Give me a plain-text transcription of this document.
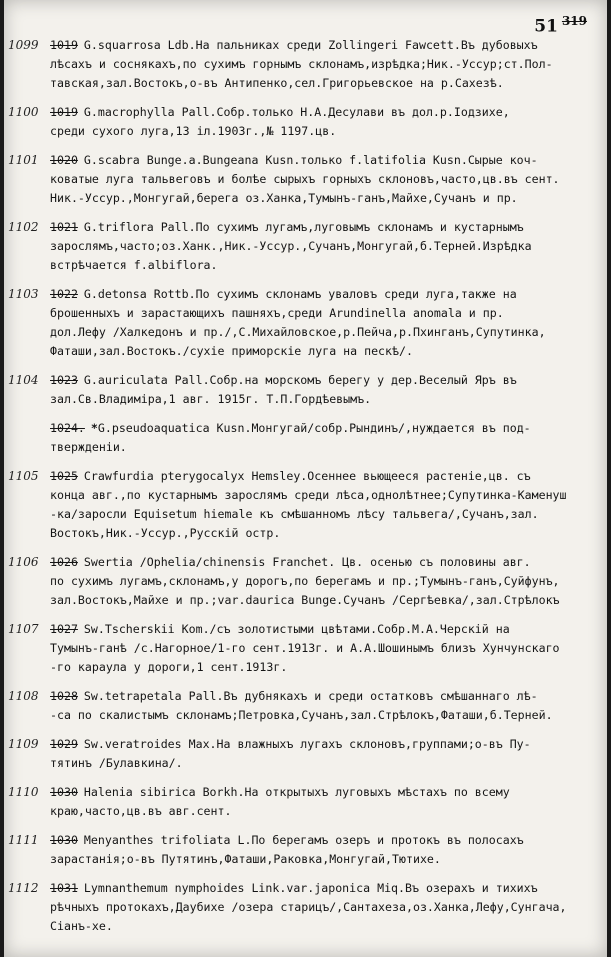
51 $^{319}$
1099 1019 G.squarrosa Ldb.На пальниках среди Zollingeri Fawcett.Въ дубовыхъ
лѣсахъ и соснякахъ,по сухимъ горнымъ склонамъ,изрѣдка;Ник.-Уссур;ст.Пол-
тавская,зал.Востокъ,о-въ Антипенко,сел.Григорьевское на р.Сахезѣ.
1100 1019 G.macrophylla Pall.Собр.только Н.А.Десулави въ дол.р.Іодзихе,
среди сухого луга,13 іл.1903г.,№ 1197.цв.
1101 1020 G.scabra Bunge.a.Bungeana Kusn.только f.latifolia Kusn.Сырые коч-
коватые луга тальвеговъ и болѣе сырыхъ горныхъ склоновъ,часто,цв.въ сент.
Ник.-Уссур.,Монгугай,берега оз.Ханка,Тумынъ-ганъ,Майхе,Сучанъ и пр.
1102 1021 G.triflora Pall.По сухимъ лугамъ,луговымъ склонамъ и кустарнымъ
зарослямъ,часто;оз.Ханк.,Ник.-Уссур.,Сучанъ,Монгугай,б.Терней.Изрѣдка
встрѣчается f.albiflora.
1103 1022 G.detonsa Rottb.По сухимъ склонамъ уваловъ среди луга,также на
брошенныхъ и зарастающихъ пашняхъ,среди Arundinella anomala и пр.
дол.Лефу /Халкедонъ и пр./,С.Михайловское,р.Пейча,р.Пхинганъ,Супутинка,
Фаташи,зал.Востокъ./сухіе приморскіе луга на пескѣ/.
1104 1023 G.auriculata Pall.Собр.на морскомъ берегу у дер.Веселый Яръ въ
зал.Св.Владиміра,1 авг. 1915г. Т.П.Гордѣевымъ.
1024. *G.pseudoaquatica Kusn.Монгугай/собр.Рындинъ/,нуждается въ под-
твержденіи.
1105 1025 Crawfurdia pterygocalyx Hemsley.Осеннее вьющееся растеніе,цв. съ
конца авг.,по кустарнымъ зарослямъ среди лѣса,однолѣтнее;Супутинка-Каменуш
-ка/заросли Equisetum hiemale къ смѣшанномъ лѣсу тальвега/,Сучанъ,зал.
Востокъ,Ник.-Уссур.,Русскій остр.
1106 1026 Swertia /Ophelia/chinensis Franchet. Цв. осенью съ половины авг.
по сухимъ лугамъ,склонамъ,у дорогъ,по берегамъ и пр.;Тумынъ-ганъ,Суйфунъ,
зал.Востокъ,Майхе и пр.;var.daurica Bunge.Сучанъ /Сергѣевка/,зал.Стрѣлокъ
1107 1027 Sw.Tscherskii Kom./съ золотистыми цвѣтами.Собр.М.А.Черскiй на
Тумынъ-ганѣ /с.Нагорное/1-го сент.1913г. и А.А.Шошинымъ близъ Хунчунскаго
-го караула у дороги,1 сент.1913г.
1108 1028 Sw.tetrapetala Pall.Въ дубнякахъ и среди остатковъ смѣшаннаго лѣ-
-са по скалистымъ склонамъ;Петровка,Сучанъ,зал.Стрѣлокъ,Фаташи,б.Терней.
1109 1029 Sw.veratroides Max.На влажныхъ лугахъ склоновъ,группами;о-въ Пу-
тятинъ /Булавкина/.
1110 1030 Halenia sibirica Borkh.На открытыхъ луговыхъ мѣстахъ по всему
краю,часто,цв.въ авг.сент.
1111 1030 Menyanthes trifoliata L.По берегамъ озеръ и протокъ въ полосахъ
зарастанія;о-въ Путятинъ,Фаташи,Раковка,Монгугай,Тютихе.
1112 1031 Lymnanthemum nymphoides Link.var.japonica Miq.Въ озерахъ и тихихъ
рѣчныхъ протокахъ,Даубихе /озера старицъ/,Сантахеза,оз.Ханка,Лефу,Сунгача,
Сіанъ-хе.
